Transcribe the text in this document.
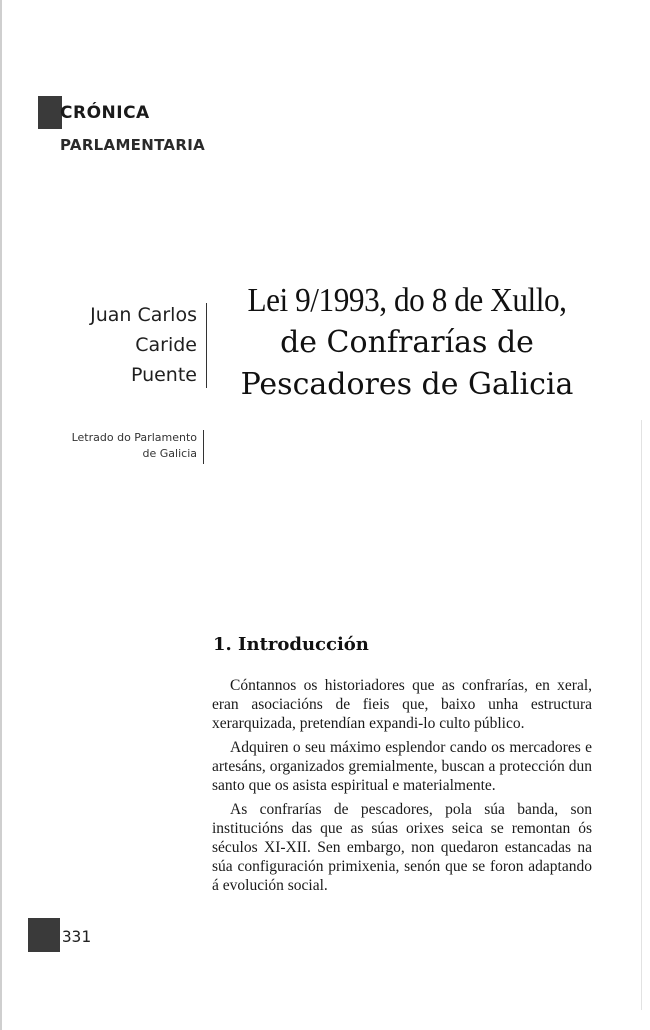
CRÓNICA
PARLAMENTARIA
Juan Carlos
Caride
Puente
Letrado do Parlamento
de Galicia
Lei 9/1993, do 8 de Xullo,
de Confrarías de
Pescadores de Galicia
1. Introducción

Cóntannos os historiadores que as confrarías, en xeral, eran asociacións de fieis que, baixo unha estructura xerarquizada, pretendían expandi-lo culto público.

Adquiren o seu máximo esplendor cando os mercadores e artesáns, organizados gremialmente, buscan a protección dun santo que os asista espiritual e materialmente.

As confrarías de pescadores, pola súa banda, son institucións das que as súas orixes seica se remontan ós séculos XI-XII. Sen embargo, non quedaron estancadas na súa configuración primixenia, senón que se foron adaptando á evolución social.

331
